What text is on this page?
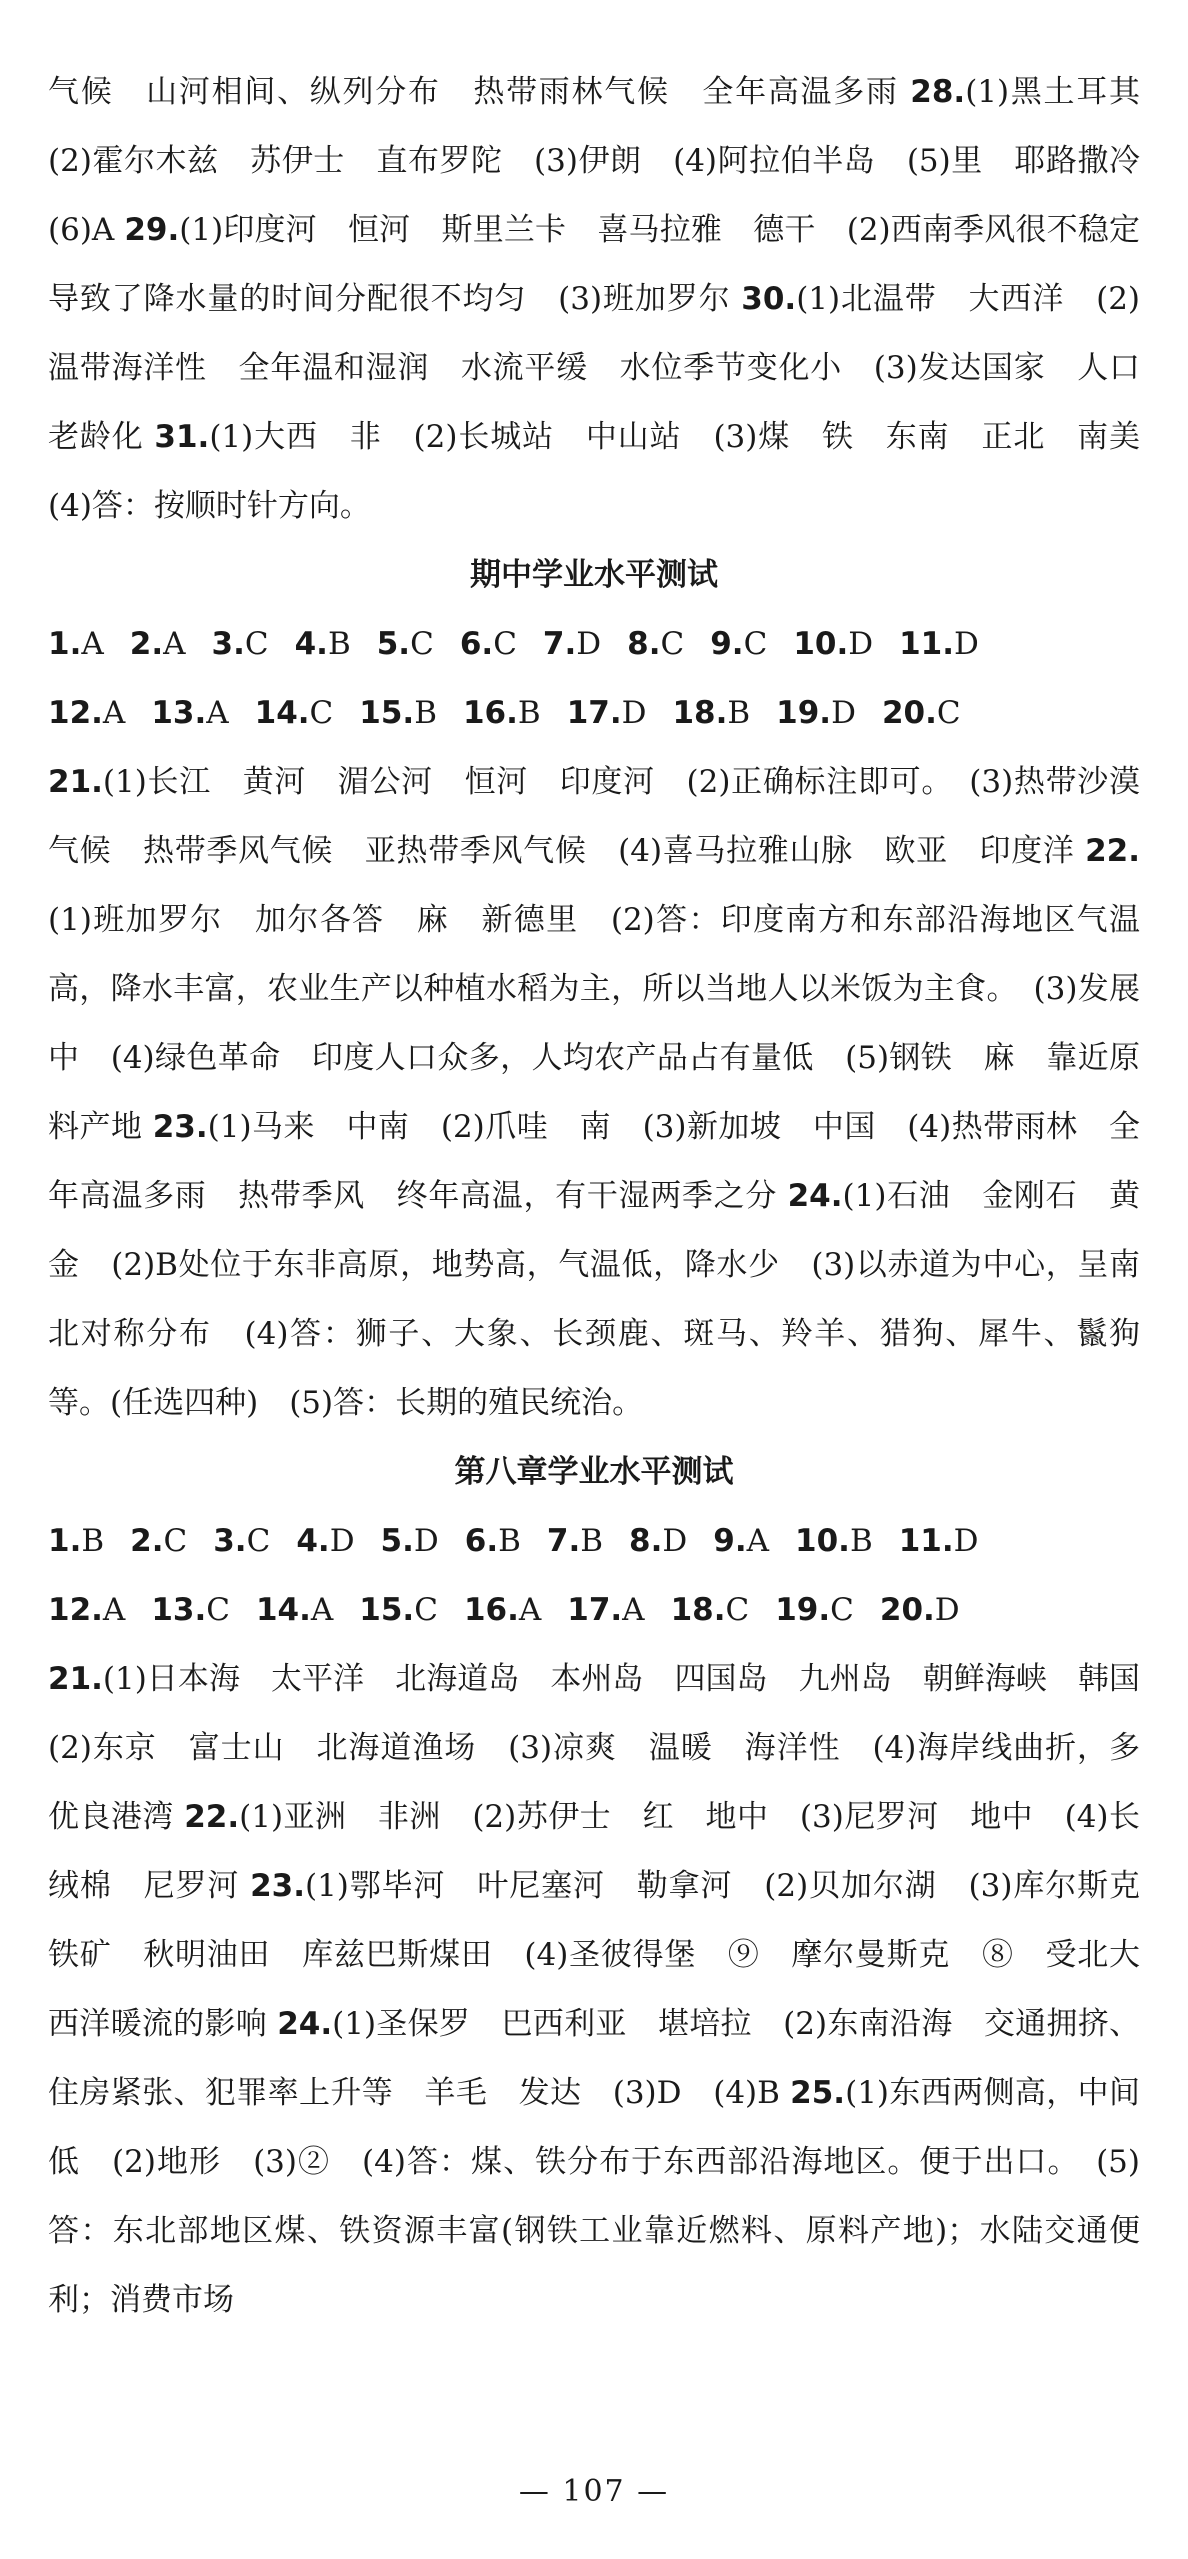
气候　山河相间、纵列分布　热带雨林气候　全年高温多雨 28.(1)黑土耳其　(2)霍尔木兹　苏伊士　直布罗陀　(3)伊朗　(4)阿拉伯半岛　(5)里　耶路撒冷　(6)A 29.(1)印度河　恒河　斯里兰卡　喜马拉雅　德干　(2)西南季风很不稳定导致了降水量的时间分配很不均匀　(3)班加罗尔 30.(1)北温带　大西洋　(2)温带海洋性　全年温和湿润　水流平缓　水位季节变化小　(3)发达国家　人口老龄化 31.(1)大西　非　(2)长城站　中山站　(3)煤　铁　东南　正北　南美　(4)答：按顺时针方向。

期中学业水平测试
1.A 2.A 3.C 4.B 5.C 6.C 7.D 8.C 9.C 10.D 11.D
12.A 13.A 14.C 15.B 16.B 17.D 18.B 19.D 20.C

21.(1)长江　黄河　湄公河　恒河　印度河　(2)正确标注即可。　(3)热带沙漠气候　热带季风气候　亚热带季风气候　(4)喜马拉雅山脉　欧亚　印度洋 22.(1)班加罗尔　加尔各答　麻　新德里　(2)答：印度南方和东部沿海地区气温高，降水丰富，农业生产以种植水稻为主，所以当地人以米饭为主食。　(3)发展中　(4)绿色革命　印度人口众多，人均农产品占有量低　(5)钢铁　麻　靠近原料产地 23.(1)马来　中南　(2)爪哇　南　(3)新加坡　中国　(4)热带雨林　全年高温多雨　热带季风　终年高温，有干湿两季之分 24.(1)石油　金刚石　黄金　(2)B处位于东非高原，地势高，气温低，降水少　(3)以赤道为中心，呈南北对称分布　(4)答：狮子、大象、长颈鹿、斑马、羚羊、猎狗、犀牛、鬣狗等。(任选四种)　(5)答：长期的殖民统治。

第八章学业水平测试
1.B 2.C 3.C 4.D 5.D 6.B 7.B 8.D 9.A 10.B 11.D
12.A 13.C 14.A 15.C 16.A 17.A 18.C 19.C 20.D

21.(1)日本海　太平洋　北海道岛　本州岛　四国岛　九州岛　朝鲜海峡　韩国　(2)东京　富士山　北海道渔场　(3)凉爽　温暖　海洋性　(4)海岸线曲折，多优良港湾 22.(1)亚洲　非洲　(2)苏伊士　红　地中　(3)尼罗河　地中　(4)长绒棉　尼罗河 23.(1)鄂毕河　叶尼塞河　勒拿河　(2)贝加尔湖　(3)库尔斯克铁矿　秋明油田　库兹巴斯煤田　(4)圣彼得堡　⑨　摩尔曼斯克　⑧　受北大西洋暖流的影响 24.(1)圣保罗　巴西利亚　堪培拉　(2)东南沿海　交通拥挤、住房紧张、犯罪率上升等　羊毛　发达　(3)D　(4)B 25.(1)东西两侧高，中间低　(2)地形　(3)②　(4)答：煤、铁分布于东西部沿海地区。便于出口。　(5)答：东北部地区煤、铁资源丰富(钢铁工业靠近燃料、原料产地)；水陆交通便利；消费市场

— 107 —
